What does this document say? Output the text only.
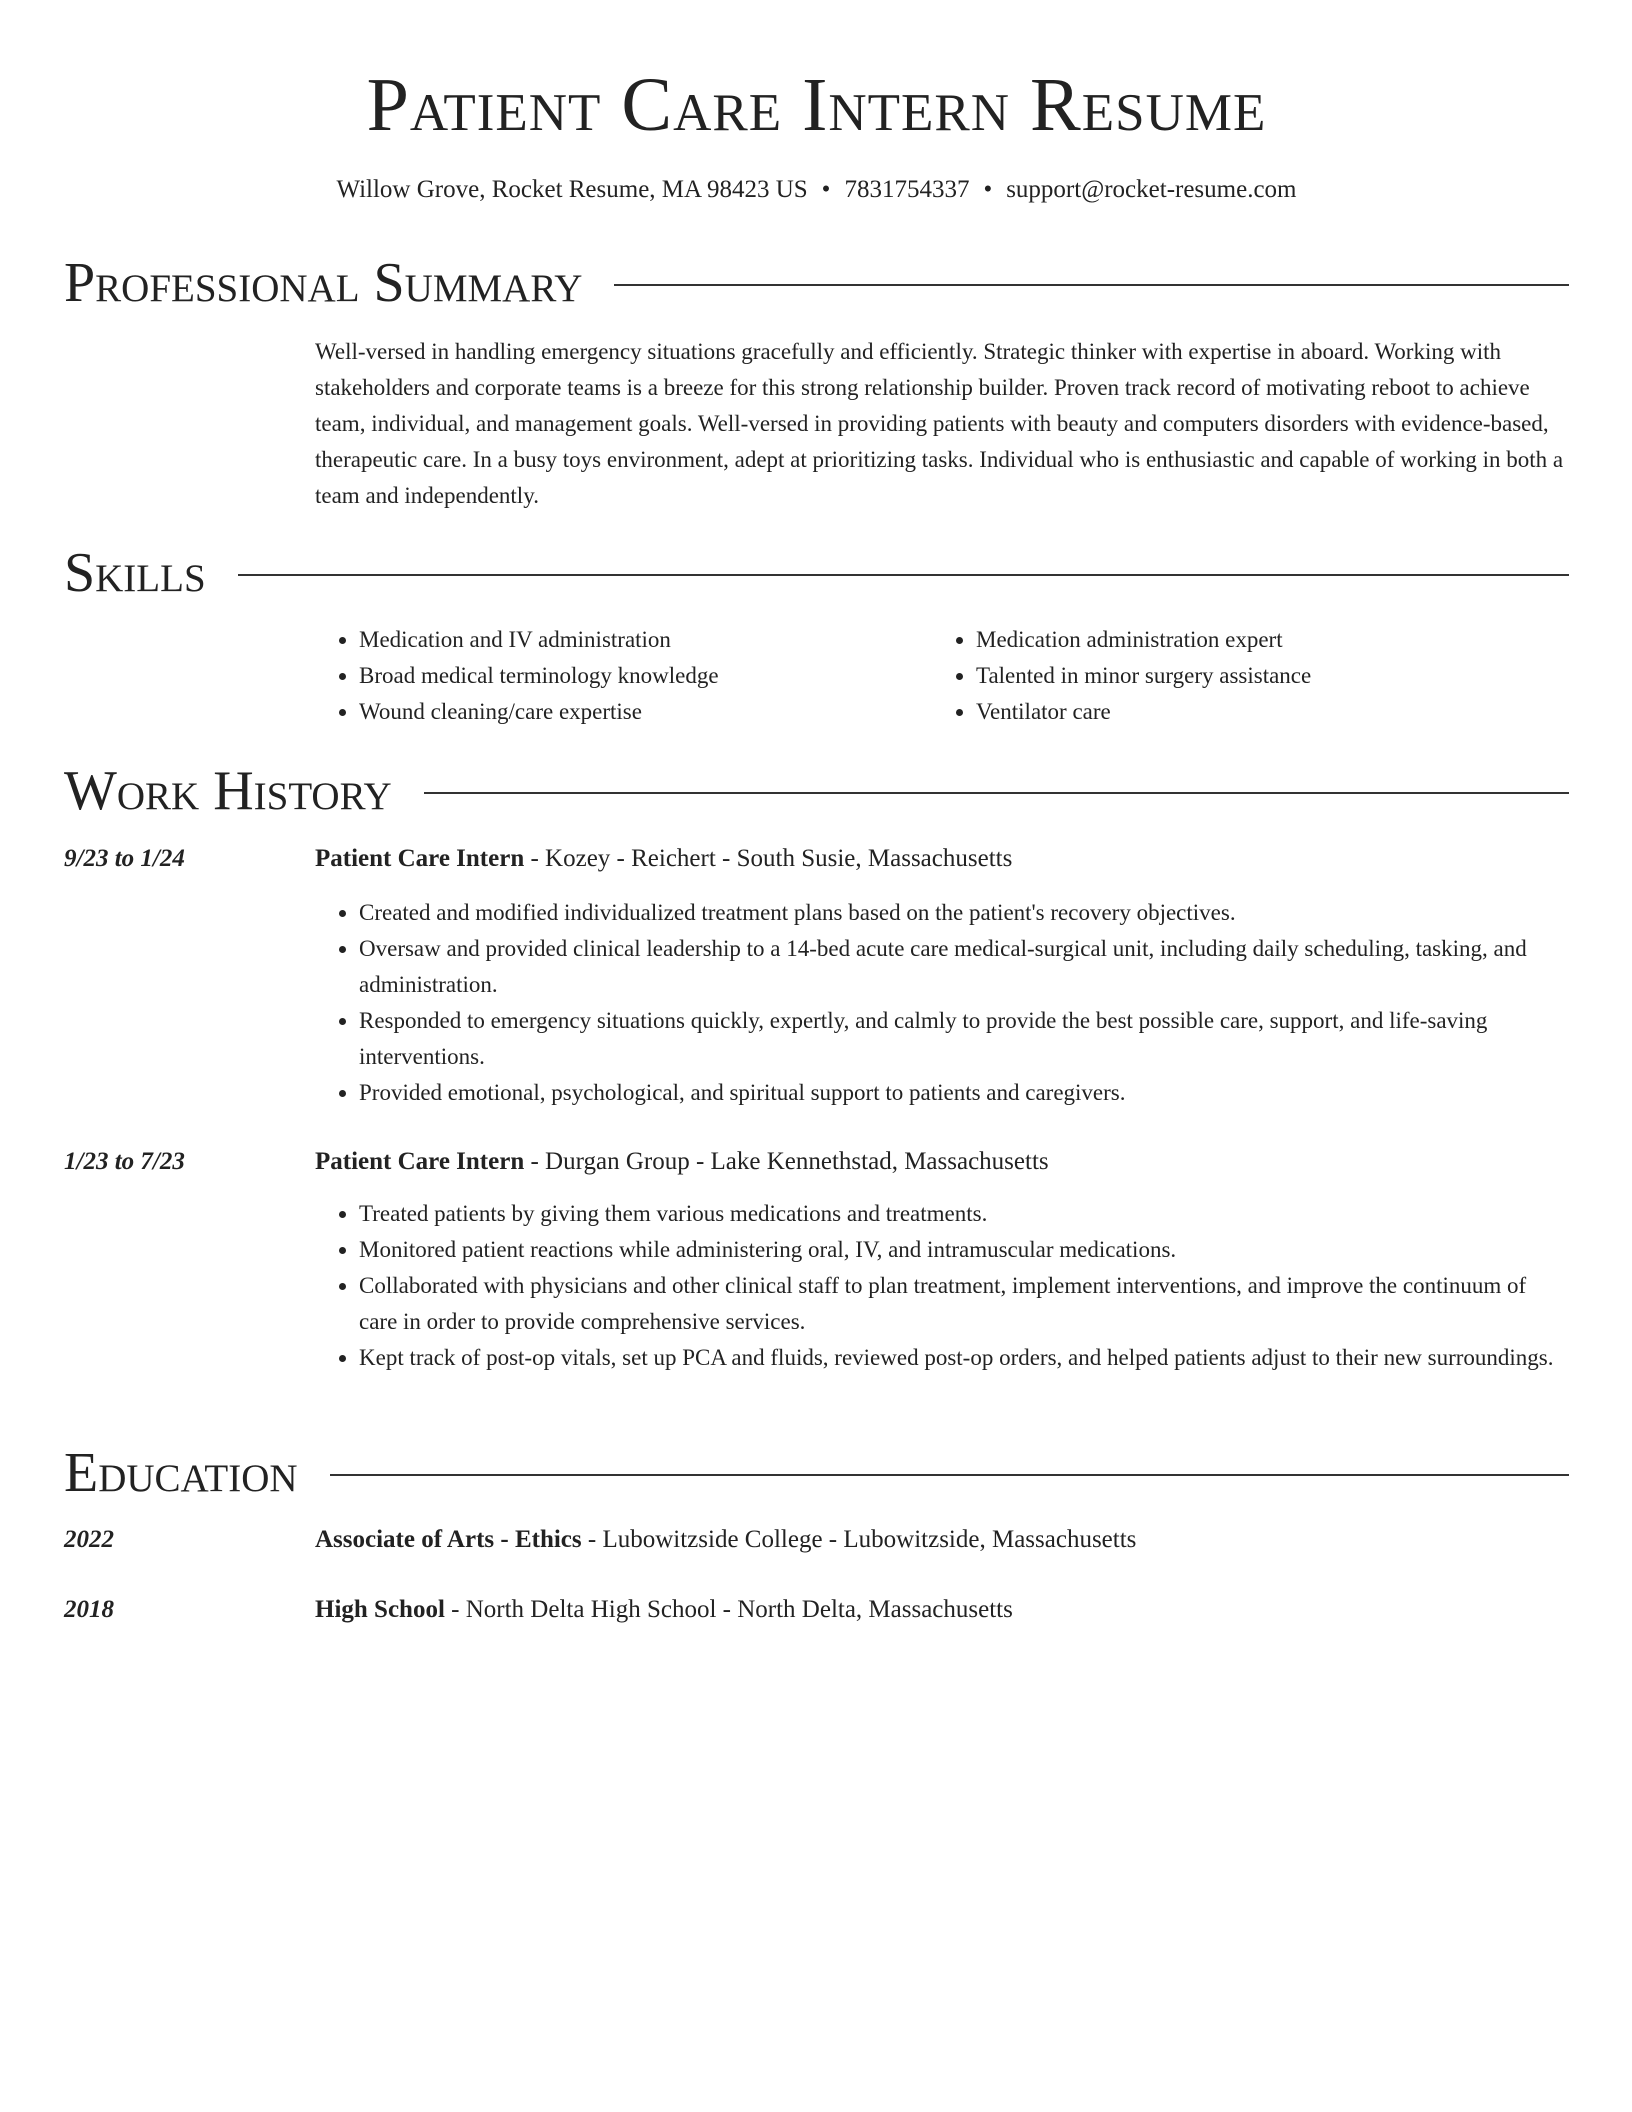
Patient Care Intern Resume
Willow Grove, Rocket Resume, MA 98423 US • 7831754337 • support@rocket-resume.com
Professional Summary

Well-versed in handling emergency situations gracefully and efficiently. Strategic thinker with expertise in aboard. Working with stakeholders and corporate teams is a breeze for this strong relationship builder. Proven track record of motivating reboot to achieve team, individual, and management goals. Well-versed in providing patients with beauty and computers disorders with evidence-based, therapeutic care. In a busy toys environment, adept at prioritizing tasks. Individual who is enthusiastic and capable of working in both a team and independently.

Skills
• Medication and IV administration
• Broad medical terminology knowledge
• Wound cleaning/care expertise
• Medication administration expert
• Talented in minor surgery assistance
• Ventilator care
Work History
9/23 to 1/24	Patient Care Intern - Kozey - Reichert - South Susie, Massachusetts
• Created and modified individualized treatment plans based on the patient's recovery objectives.
• Oversaw and provided clinical leadership to a 14-bed acute care medical-surgical unit, including daily scheduling, tasking, and administration.
• Responded to emergency situations quickly, expertly, and calmly to provide the best possible care, support, and life-saving interventions.
• Provided emotional, psychological, and spiritual support to patients and caregivers.
1/23 to 7/23	Patient Care Intern - Durgan Group - Lake Kennethstad, Massachusetts
• Treated patients by giving them various medications and treatments.
• Monitored patient reactions while administering oral, IV, and intramuscular medications.
• Collaborated with physicians and other clinical staff to plan treatment, implement interventions, and improve the continuum of care in order to provide comprehensive services.
• Kept track of post-op vitals, set up PCA and fluids, reviewed post-op orders, and helped patients adjust to their new surroundings.
Education
2022	Associate of Arts - Ethics - Lubowitzside College - Lubowitzside, Massachusetts
2018	High School - North Delta High School - North Delta, Massachusetts
